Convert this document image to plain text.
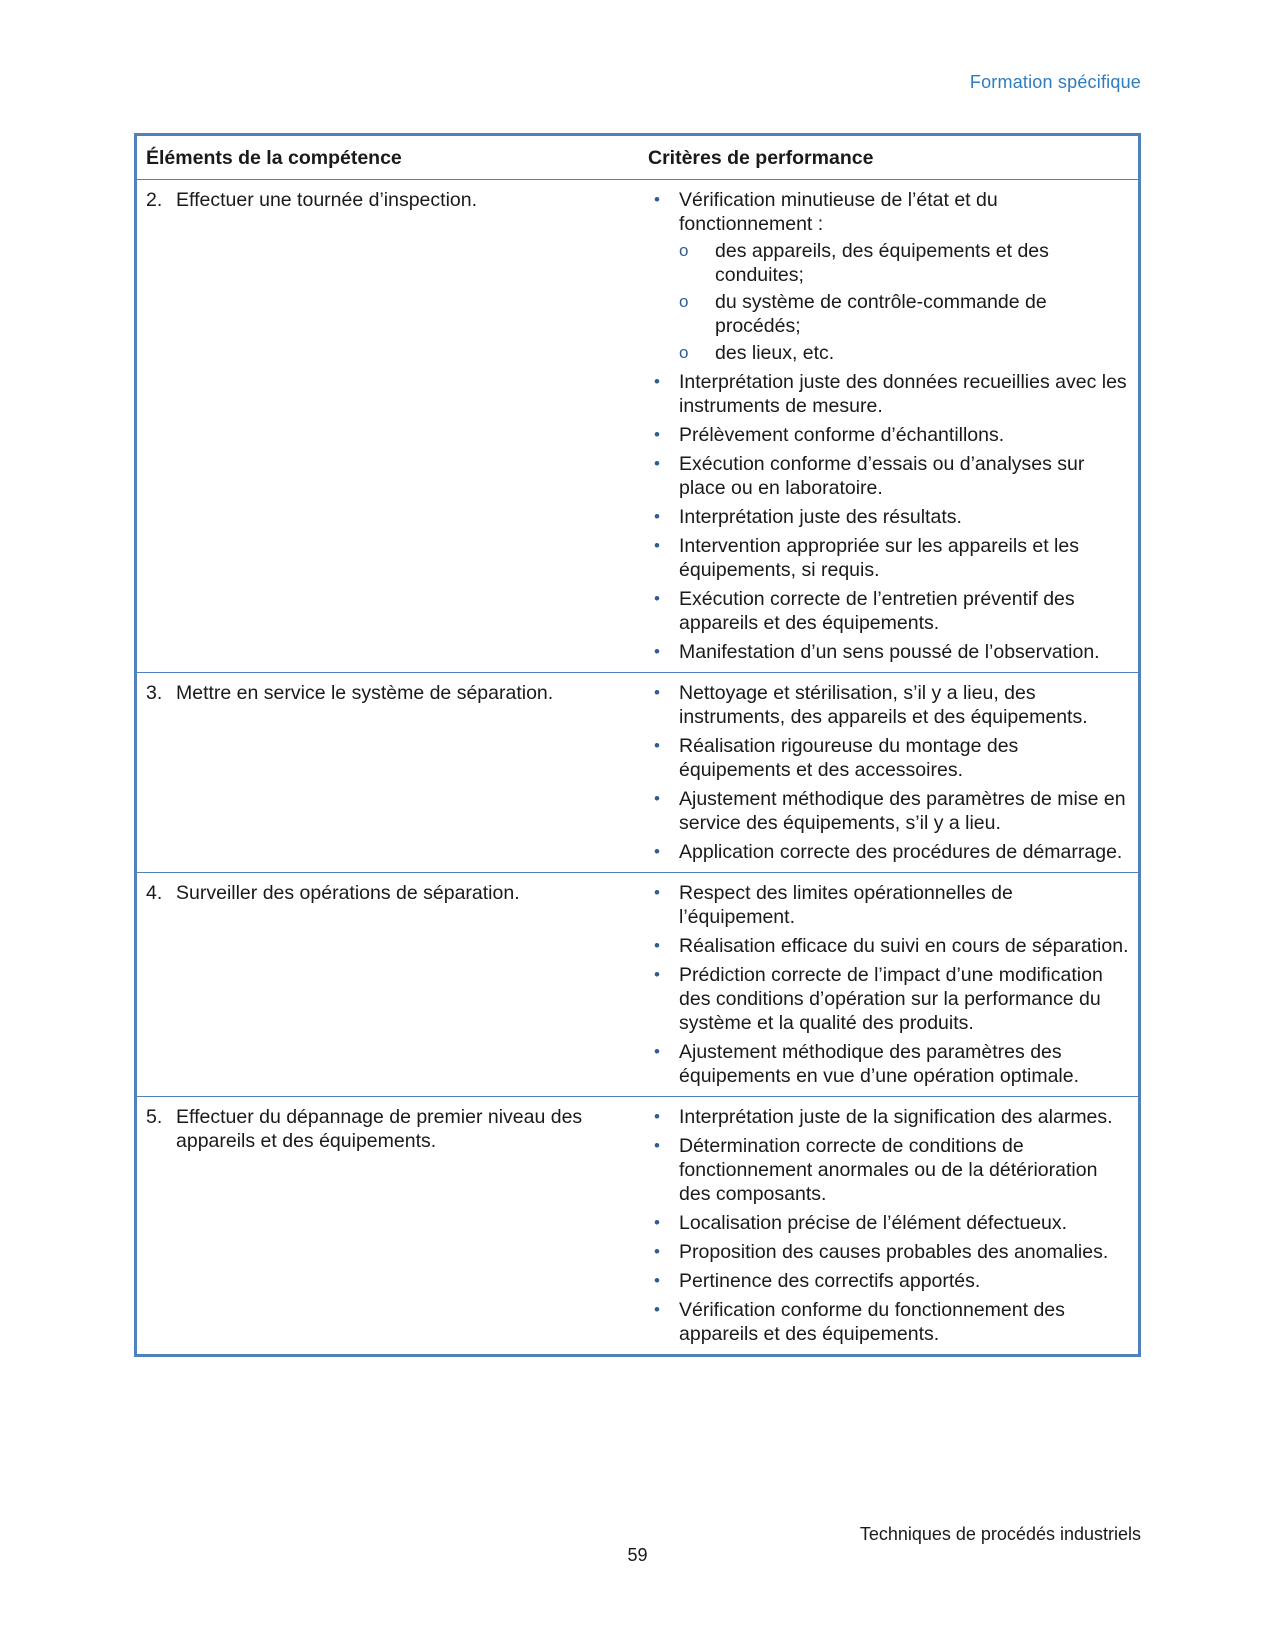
Formation spécifique
Éléments de la compétence	Critères de performance
2. Effectuer une tournée d’inspection.	• Vérification minutieuse de l’état et du fonctionnement :
o	des appareils, des équipements et des conduites;
o	du système de contrôle-commande de procédés;
o	des lieux, etc.
• Interprétation juste des données recueillies avec les instruments de mesure.
• Prélèvement conforme d’échantillons.
• Exécution conforme d’essais ou d’analyses sur place ou en laboratoire.
• Interprétation juste des résultats.
• Intervention appropriée sur les appareils et les équipements, si requis.
• Exécution correcte de l’entretien préventif des appareils et des équipements.
• Manifestation d’un sens poussé de l’observation.
3. Mettre en service le système de séparation.	• Nettoyage et stérilisation, s’il y a lieu, des instruments, des appareils et des équipements.
• Réalisation rigoureuse du montage des équipements et des accessoires.
• Ajustement méthodique des paramètres de mise en service des équipements, s’il y a lieu.
• Application correcte des procédures de démarrage.
4. Surveiller des opérations de séparation.	• Respect des limites opérationnelles de l’équipement.
• Réalisation efficace du suivi en cours de séparation.
• Prédiction correcte de l’impact d’une modification des conditions d’opération sur la performance du système et la qualité des produits.
• Ajustement méthodique des paramètres des équipements en vue d’une opération optimale.
5. Effectuer du dépannage de premier niveau des appareils et des équipements.
• Interprétation juste de la signification des alarmes.
• Détermination correcte de conditions de fonctionnement anormales ou de la détérioration des composants.
• Localisation précise de l’élément défectueux.
• Proposition des causes probables des anomalies.
• Pertinence des correctifs apportés.
• Vérification conforme du fonctionnement des appareils et des équipements.
Techniques de procédés industriels
59
